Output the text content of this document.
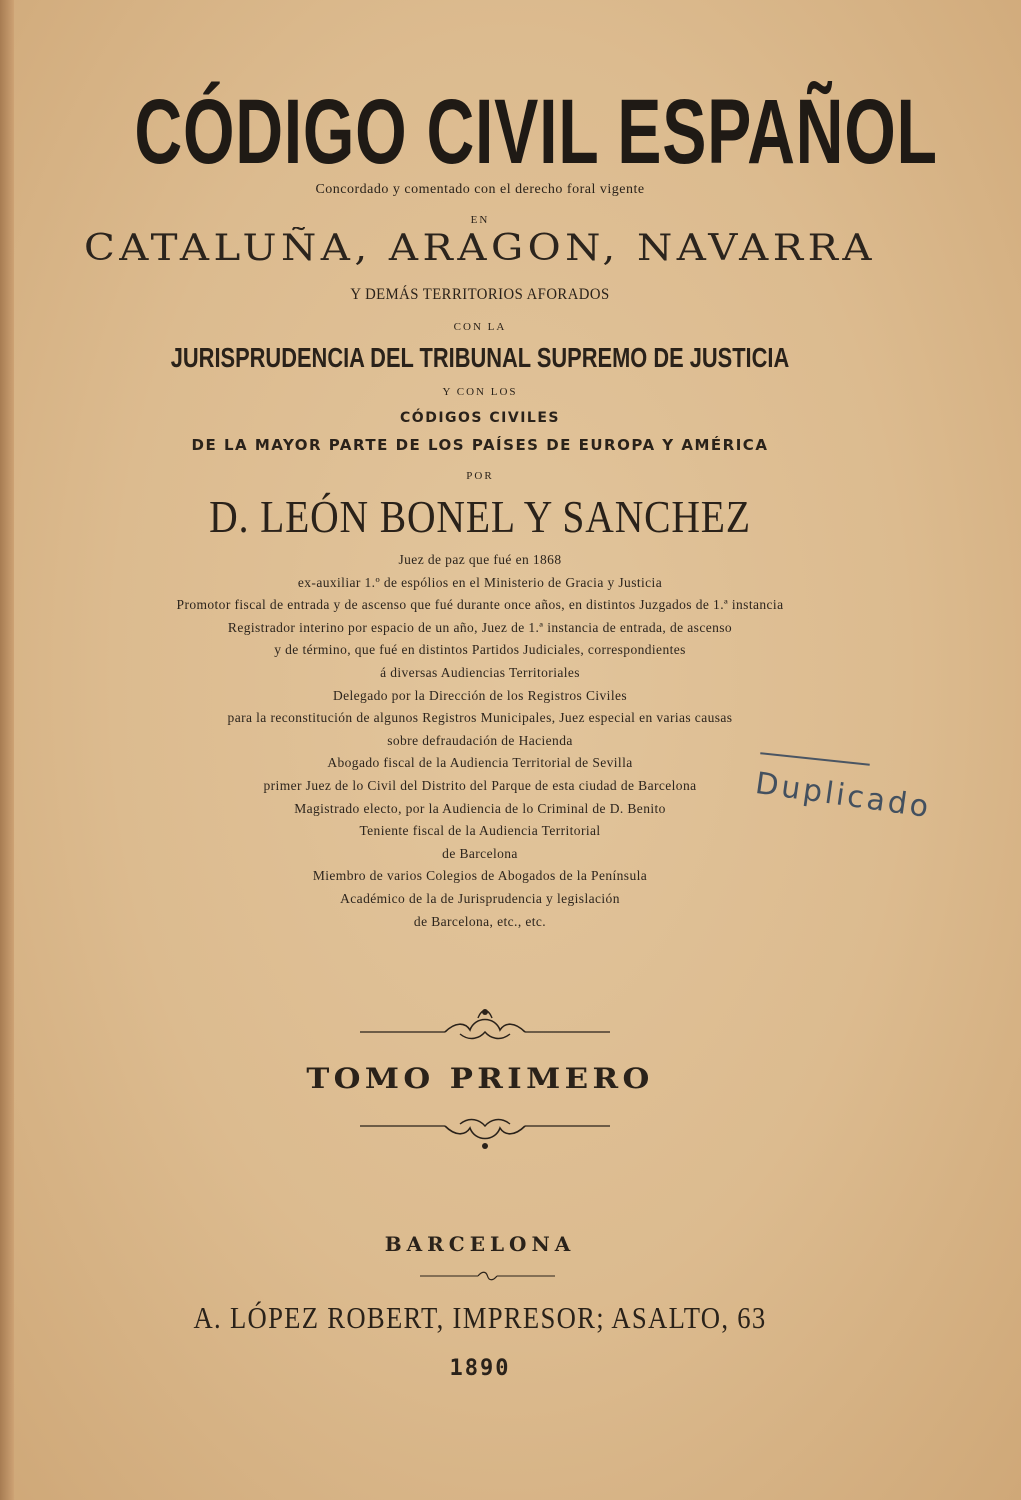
CÓDIGO CIVIL ESPAÑOL
Concordado y comentado con el derecho foral vigente
EN
CATALUÑA, ARAGON, NAVARRA
Y DEMÁS TERRITORIOS AFORADOS
CON LA
JURISPRUDENCIA DEL TRIBUNAL SUPREMO DE JUSTICIA
Y CON LOS
CÓDIGOS CIVILES
DE LA MAYOR PARTE DE LOS PAÍSES DE EUROPA Y AMÉRICA
POR
D. LEÓN BONEL Y SANCHEZ
Juez de paz que fué en 1868
ex-auxiliar 1.º de espólios en el Ministerio de Gracia y Justicia
Promotor fiscal de entrada y de ascenso que fué durante once años, en distintos Juzgados de 1.ª instancia
Registrador interino por espacio de un año, Juez de 1.ª instancia de entrada, de ascenso
y de término, que fué en distintos Partidos Judiciales, correspondientes
á diversas Audiencias Territoriales
Delegado por la Dirección de los Registros Civiles
para la reconstitución de algunos Registros Municipales, Juez especial en varias causas
sobre defraudación de Hacienda
Abogado fiscal de la Audiencia Territorial de Sevilla
primer Juez de lo Civil del Distrito del Parque de esta ciudad de Barcelona
Magistrado electo, por la Audiencia de lo Criminal de D. Benito
Teniente fiscal de la Audiencia Territorial
de Barcelona
Miembro de varios Colegios de Abogados de la Península
Académico de la de Jurisprudencia y legislación
de Barcelona, etc., etc.
Duplicado
TOMO PRIMERO
BARCELONA
A. LÓPEZ ROBERT, IMPRESOR; ASALTO, 63
1890
